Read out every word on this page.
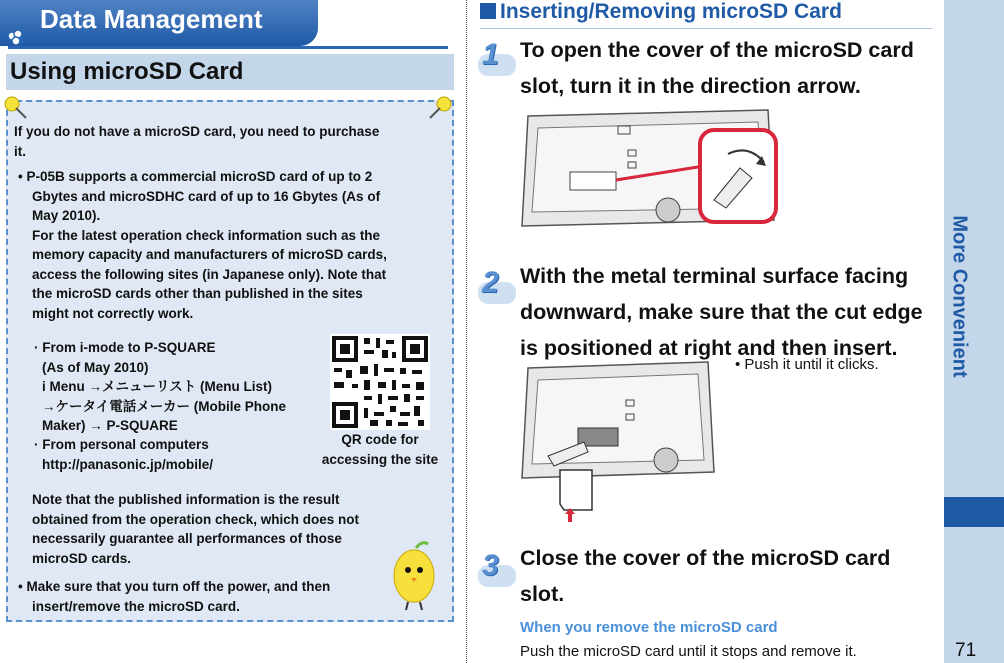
Data Management
Using microSD Card
If you do not have a microSD card, you need to purchase
it.
• P-05B supports a commercial microSD card of up to 2
Gbytes and microSDHC card of up to 16 Gbytes (As of
May 2010).
For the latest operation check information such as the
memory capacity and manufacturers of microSD cards,
access the following sites (in Japanese only). Note that
the microSD cards other than published in the sites
might not correctly work.
· From i-mode to P-SQUARE
(As of May 2010)
i Menu →メニューリスト (Menu List)
→ケータイ電話メーカー (Mobile Phone
Maker) → P-SQUARE
· From personal computers
http://panasonic.jp/mobile/
Note that the published information is the result
obtained from the operation check, which does not
necessarily guarantee all performances of those
microSD cards.
• Make sure that you turn off the power, and then
insert/remove the microSD card.
QR code for
accessing the site
Inserting/Removing microSD Card
1 To open the cover of the microSD card
slot, turn it in the direction arrow.
2 With the metal terminal surface facing
downward, make sure that the cut edge
is positioned at right and then insert.
• Push it until it clicks.
3 Close the cover of the microSD card
slot.
When you remove the microSD card
Push the microSD card until it stops and remove it.
More Convenient
71
